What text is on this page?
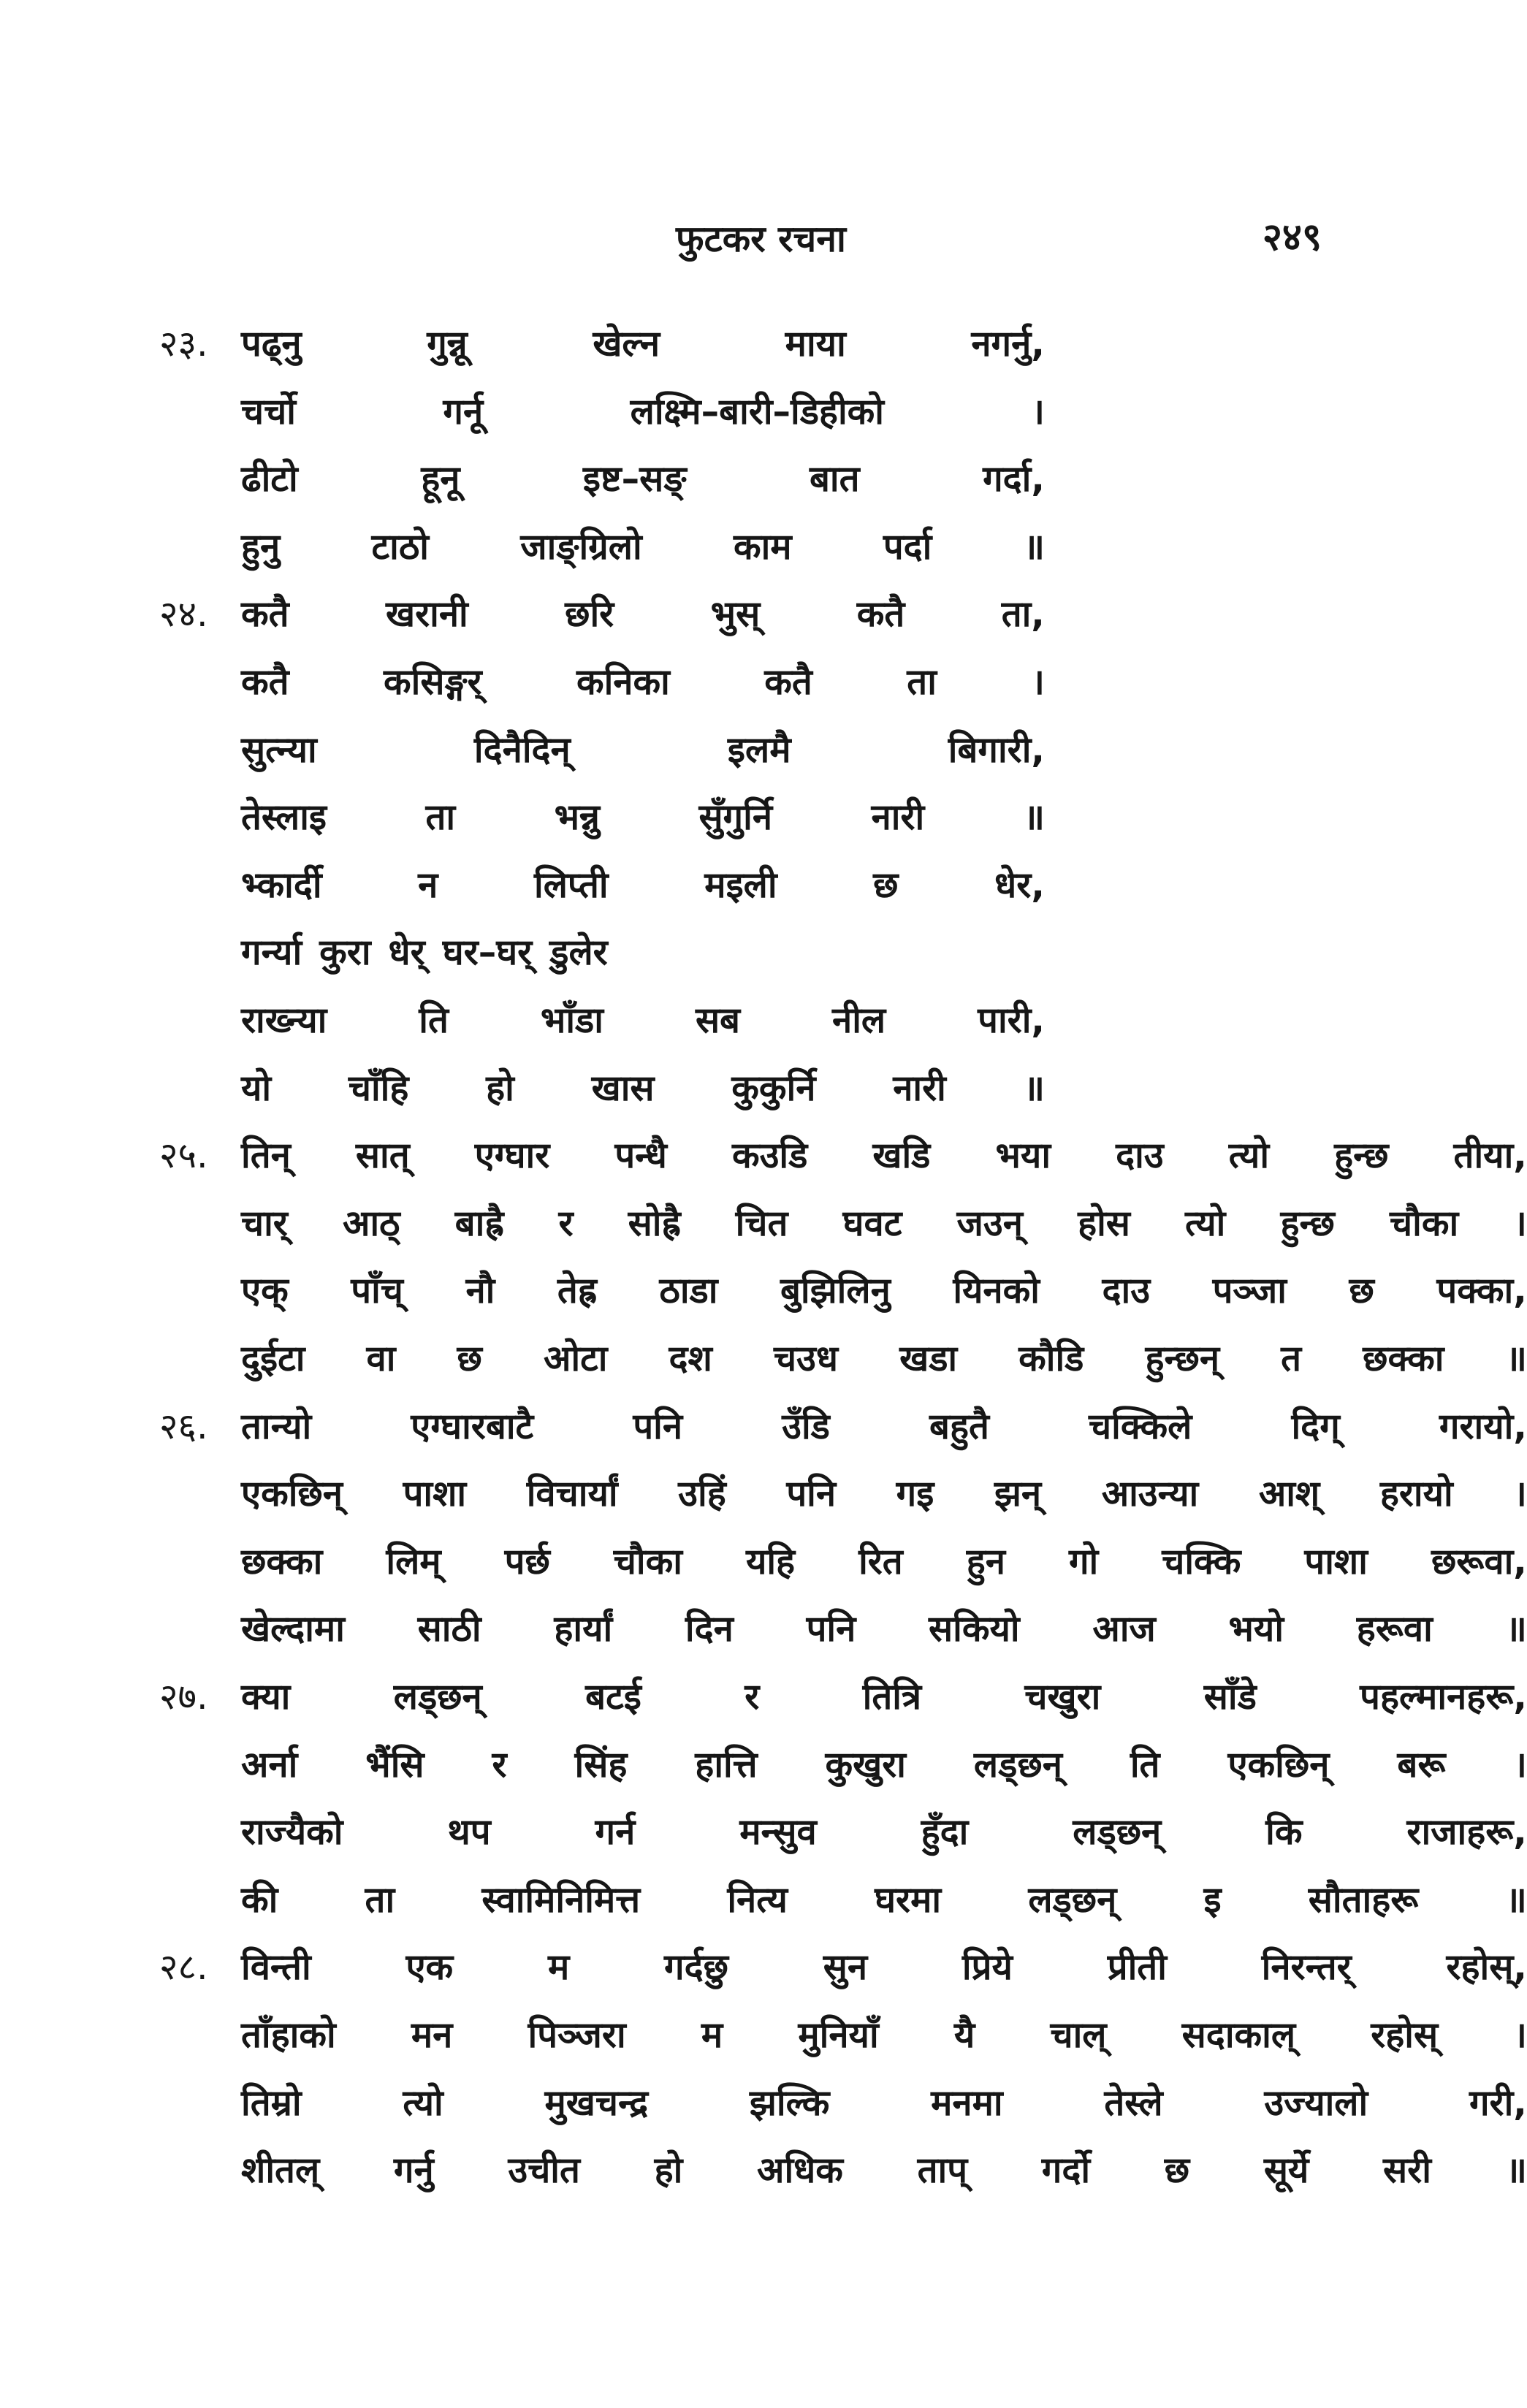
फुटकर रचना	२४९
२३. पढ्नु	गुन्नू	खेल्न	माया	नगर्नु,
चर्चो	गर्नू	लक्ष्मि–बारी–डिहीको	।
ढीटो	हूनू	इष्ट–सङ्	बात	गर्दा,
हुनु	टाठो	जाङ्ग्रिलो	काम	पर्दा	॥
२४. कतै	खरानी	छरि	भुस्	कतै	ता,
कतै	कसिङ्गर्	कनिका	कतै	ता	।
सुत्न्या	दिनैदिन्	इलमै	बिगारी,
तेस्लाइ	ता	भन्नु	सुँगुर्नि	नारी	॥
भ्कार्दी	न	लिप्ती	मइली	छ	धेर,
गर्न्या कुरा धेर् घर–घर् डुलेर
राख्न्या	ति	भाँडा	सब	नील	पारी,
यो चाँहि हो खास कुकुर्नि नारी ॥
२५. तिन् सात् एग्घार पन्धै कउडि खडि भया दाउ त्यो हुन्छ तीया,
चार् आठ् बाह्रै र सोह्रै चित घवट जउन् होस त्यो हुन्छ चौका ।
एक् पाँच् नौ तेह्र ठाडा बुझिलिनु यिनको दाउ पञ्जा छ पक्का,
दुईटा वा छ ओटा दश चउध खडा कौडि हुन्छन् त छक्का ॥
२६. तान्यो	एग्घारबाटै	पनि	उँडि	बहुतै	चक्किले	दिग्	गरायो,
एकछिन् पाशा विचार्यां उहिं पनि गइ झन् आउन्या आश् हरायो ।
छक्का लिम् पर्छ चौका यहि रित हुन गो चक्कि पाशा छरूवा,
खेल्दामा साठी हार्यां दिन पनि सकियो आज भयो हरूवा ॥
२७. क्या	लड्छन्	बटई	र	तित्रि	चखुरा	साँडे	पहल्मानहरू,
अर्ना भैंसि र सिंह हात्ति कुखुरा लड्छन् ति एकछिन् बरू ।
राज्यैको	थप	गर्न	मन्सुव	हुँदा	लड्छन्	कि	राजाहरू,
की ता स्वामिनिमित्त नित्य घरमा लड्छन् इ सौताहरू ॥
२८. विन्ती	एक	म	गर्दछु	सुन	प्रिये	प्रीती	निरन्तर्	रहोस्,
ताँहाको मन पिञ्जरा म मुनियाँ यै चाल् सदाकाल् रहोस् ।
तिम्रो	त्यो	मुखचन्द्र	झल्कि	मनमा	तेस्ले	उज्यालो	गरी,
शीतल् गर्नु उचीत हो अधिक ताप् गर्दो छ सूर्ये सरी ॥
